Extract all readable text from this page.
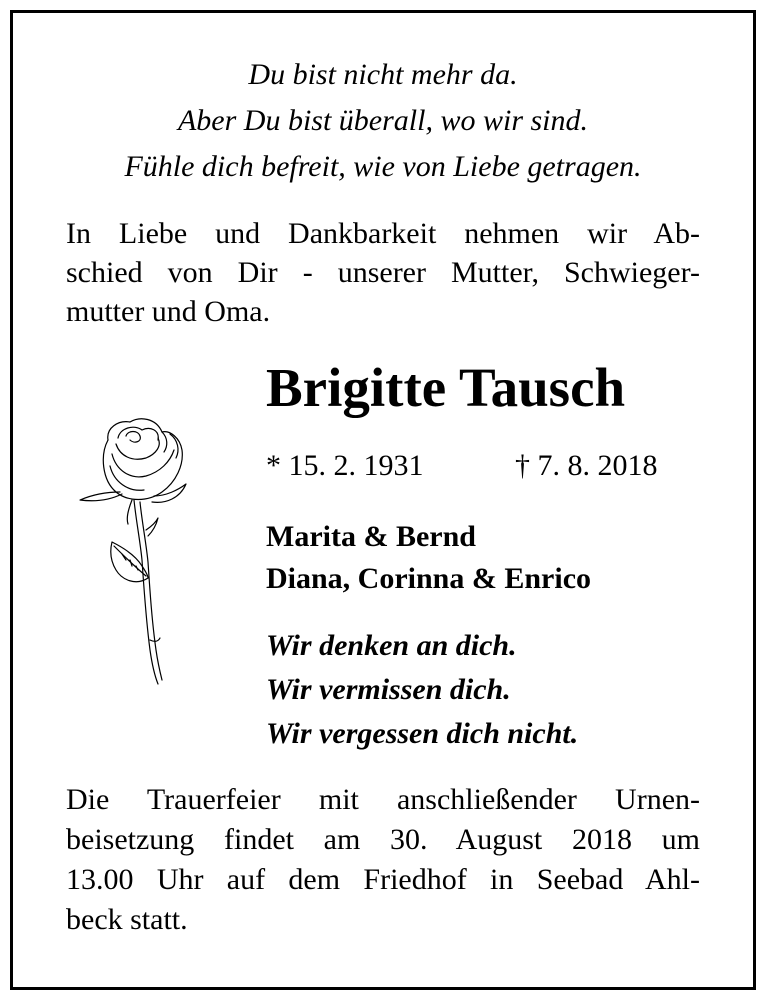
Du bist nicht mehr da.
Aber Du bist überall, wo wir sind.
Fühle dich befreit, wie von Liebe getragen.
In Liebe und Dankbarkeit nehmen wir Ab-
schied von Dir - unserer Mutter, Schwieger-
mutter und Oma.
Brigitte Tausch
* 15. 2. 1931	† 7. 8. 2018
Marita & Bernd
Diana, Corinna & Enrico
Wir denken an dich.
Wir vermissen dich.
Wir vergessen dich nicht.
Die Trauerfeier mit anschließender Urnen-
beisetzung findet am 30. August 2018 um
13.00 Uhr auf dem Friedhof in Seebad Ahl-
beck statt.
